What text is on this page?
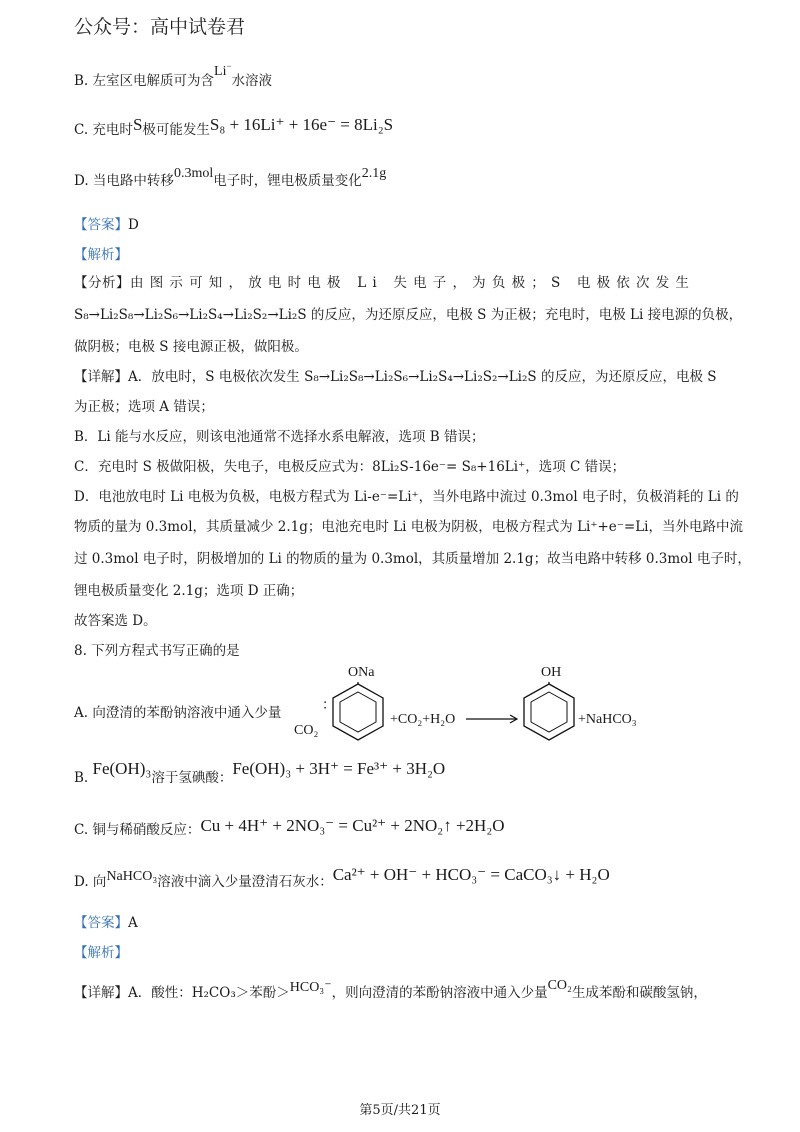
公众号：高中试卷君
B. 左室区电解质可为含Li−水溶液
C. 充电时S极可能发生S₈ + 16Li⁺ + 16e⁻ = 8Li₂S
D. 当电路中转移0.3mol电子时，锂电极质量变化2.1g
【答案】D
【解析】
【分析】由图示可知，放电时电极 Li 失电子，为负极；S 电极依次发生
S₈→Li₂S₈→Li₂S₆→Li₂S₄→Li₂S₂→Li₂S 的反应，为还原反应，电极 S 为正极；充电时，电极 Li 接电源的负极，
做阴极；电极 S 接电源正极，做阳极。
【详解】A．放电时，S 电极依次发生 S₈→Li₂S₈→Li₂S₆→Li₂S₄→Li₂S₂→Li₂S 的反应，为还原反应，电极 S
为正极；选项 A 错误；
B．Li 能与水反应，则该电池通常不选择水系电解液，选项 B 错误；
C．充电时 S 极做阳极，失电子，电极反应式为：8Li₂S-16e⁻= S₈+16Li⁺，选项 C 错误；
D．电池放电时 Li 电极为负极，电极方程式为 Li-e⁻=Li⁺，当外电路中流过 0.3mol 电子时，负极消耗的 Li 的
物质的量为 0.3mol，其质量减少 2.1g；电池充电时 Li 电极为阴极，电极方程式为 Li⁺+e⁻=Li，当外电路中流
过 0.3mol 电子时，阴极增加的 Li 的物质的量为 0.3mol，其质量增加 2.1g；故当电路中转移 0.3mol 电子时，
锂电极质量变化 2.1g；选项 D 正确；
故答案选 D。
8. 下列方程式书写正确的是
A. 向澄清的苯酚钠溶液中通入少量	：
CO₂
ONa
+CO₂+H₂O →
OH
+NaHCO₃
B. Fe(OH)₃溶于氢碘酸：Fe(OH)₃ + 3H⁺ = Fe³⁺ + 3H₂O
C. 铜与稀硝酸反应：Cu + 4H⁺ + 2NO₃⁻ = Cu²⁺ + 2NO₂↑ +2H₂O
D. 向NaHCO₃溶液中滴入少量澄清石灰水：Ca²⁺ + OH⁻ + HCO₃⁻ = CaCO₃↓ + H₂O
【答案】A
【解析】
【详解】A．酸性：H₂CO₃＞苯酚＞HCO₃⁻，则向澄清的苯酚钠溶液中通入少量CO₂生成苯酚和碳酸氢钠，
第5页/共21页
